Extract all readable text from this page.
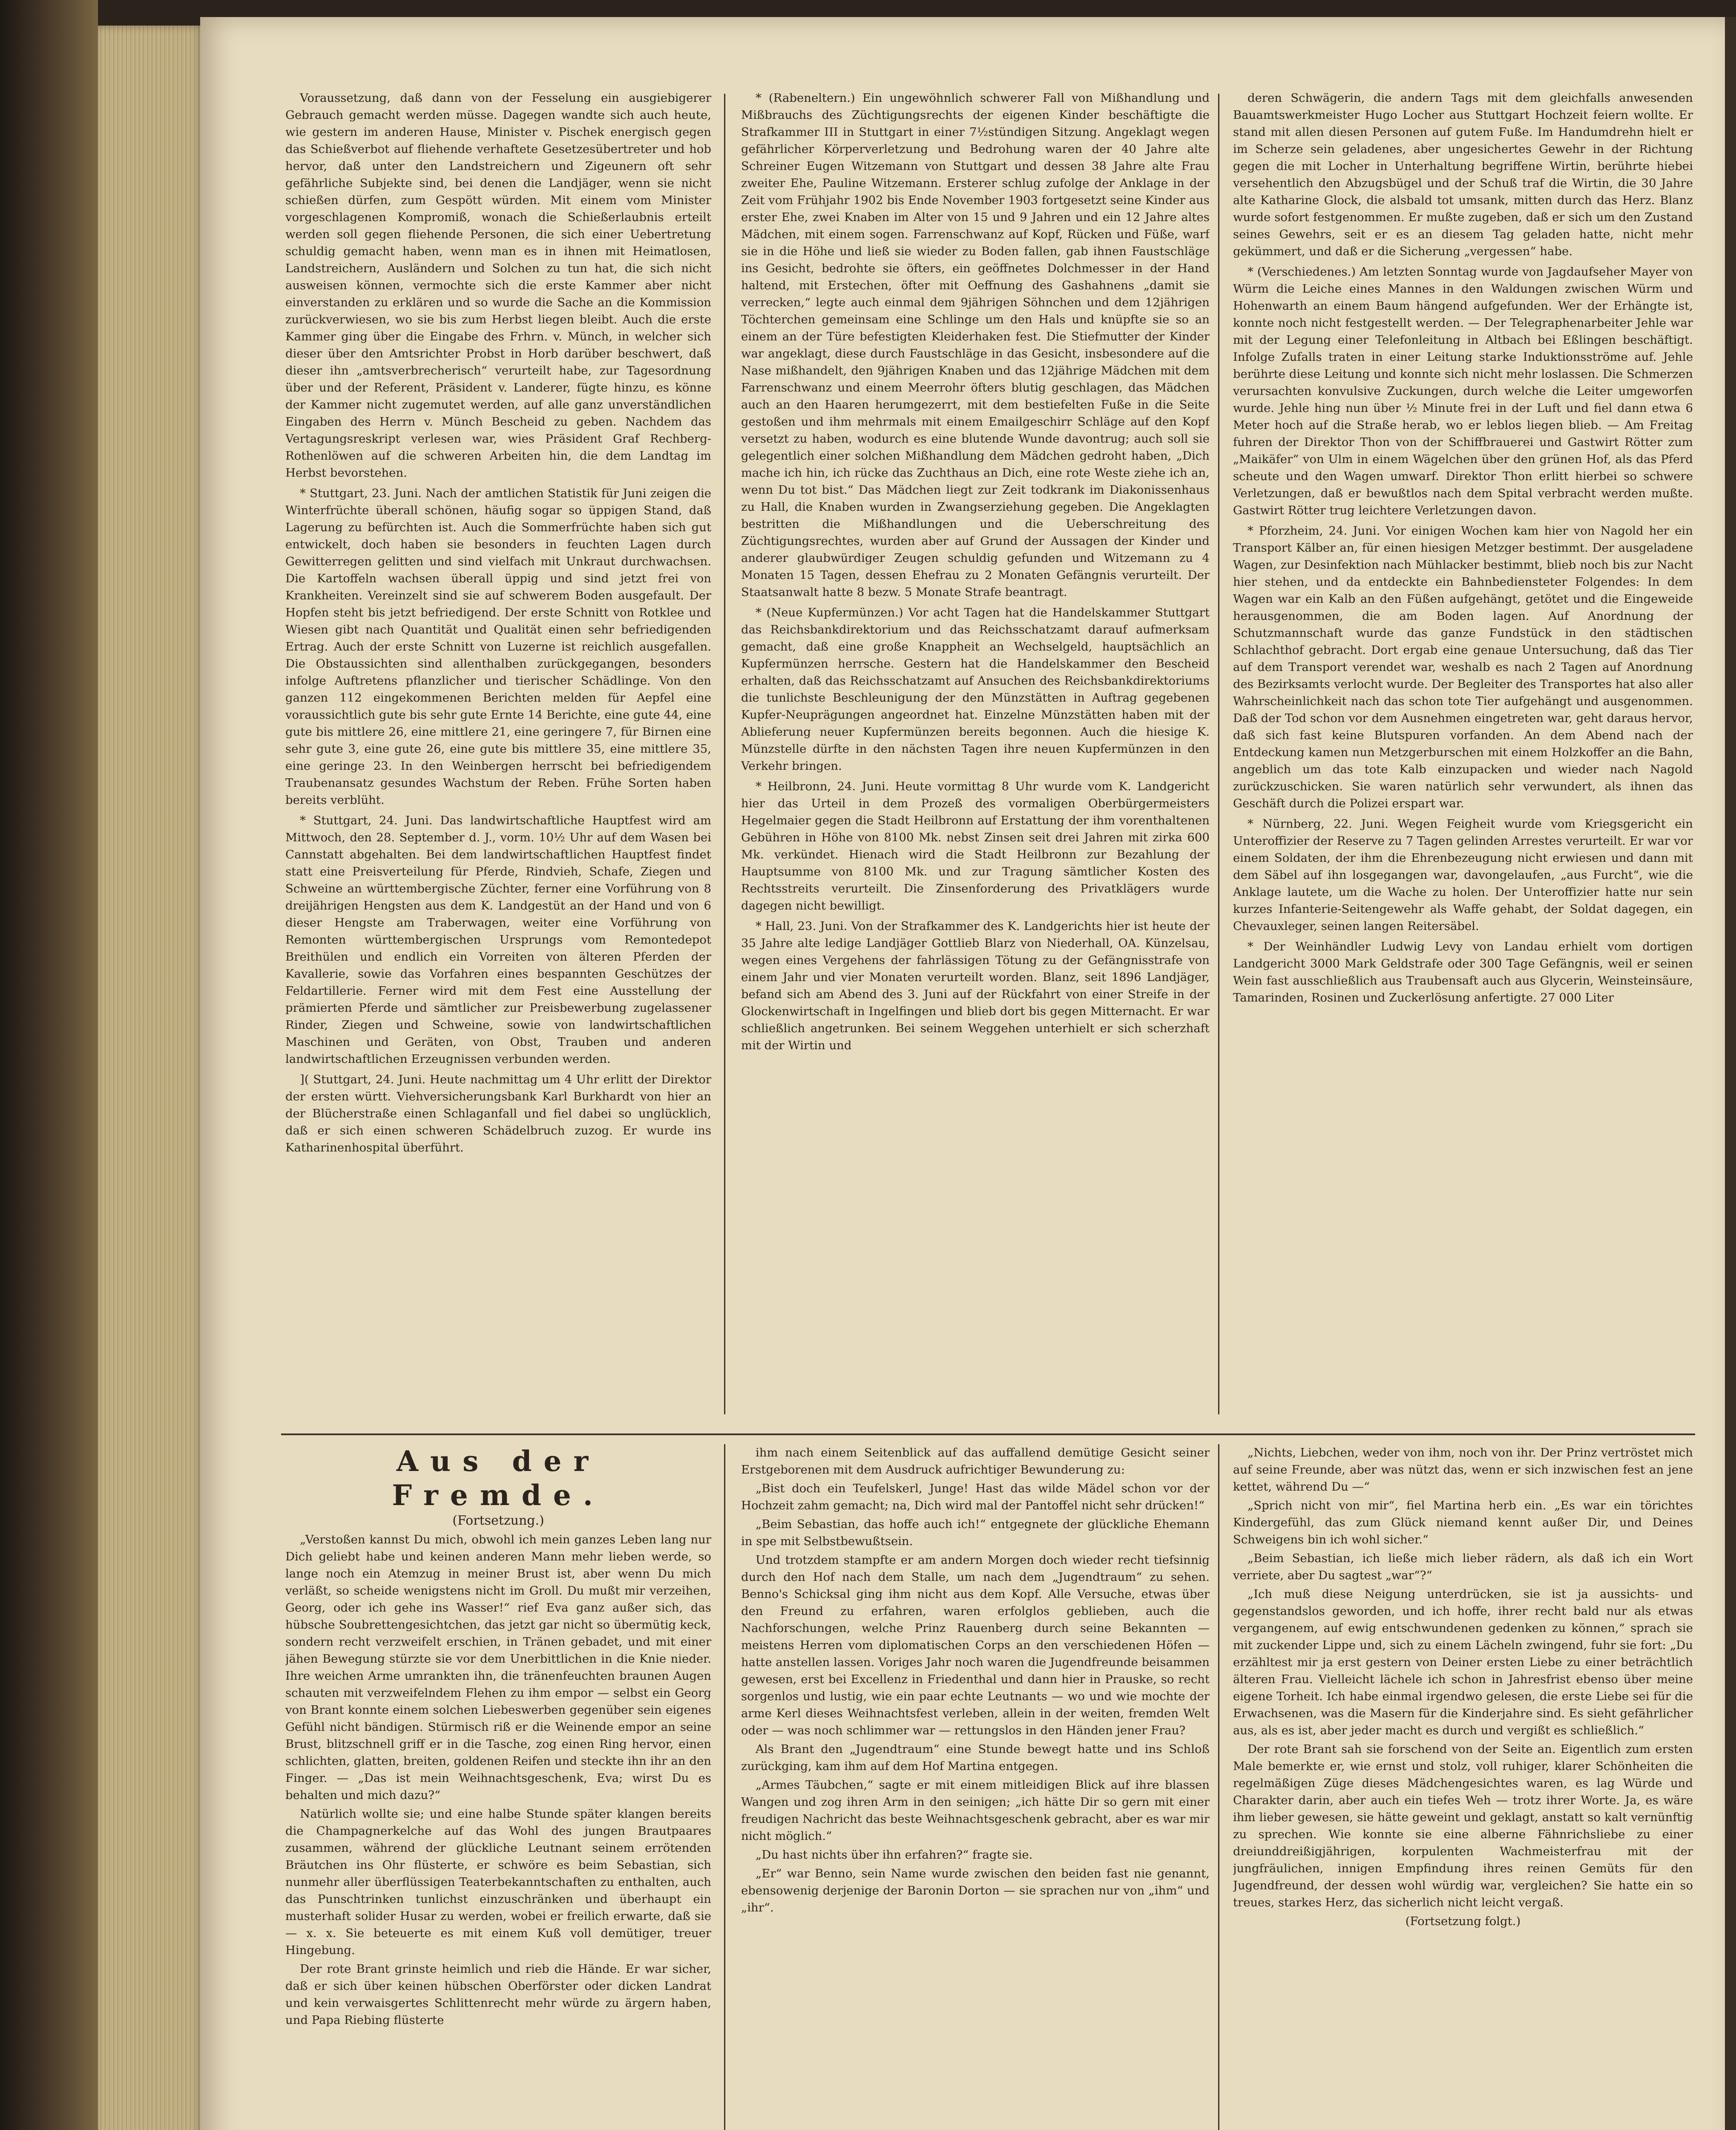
Voraussetzung, daß dann von der Fesselung ein ausgiebigerer Gebrauch gemacht werden müsse. Dagegen wandte sich auch heute, wie gestern im anderen Hause, Minister v. Pischek energisch gegen das Schießverbot auf fliehende verhaftete Gesetzesübertreter und hob hervor, daß unter den Landstreichern und Zigeunern oft sehr gefährliche Subjekte sind, bei denen die Landjäger, wenn sie nicht schießen dürfen, zum Gespött würden. Mit einem vom Minister vorgeschlagenen Kompromiß, wonach die Schießerlaubnis erteilt werden soll gegen fliehende Personen, die sich einer Uebertretung schuldig gemacht haben, wenn man es in ihnen mit Heimatlosen, Landstreichern, Ausländern und Solchen zu tun hat, die sich nicht ausweisen können, vermochte sich die erste Kammer aber nicht einverstanden zu erklären und so wurde die Sache an die Kommission zurückverwiesen, wo sie bis zum Herbst liegen bleibt. Auch die erste Kammer ging über die Eingabe des Frhrn. v. Münch, in welcher sich dieser über den Amtsrichter Probst in Horb darüber beschwert, daß dieser ihn „amtsverbrecherisch“ verurteilt habe, zur Tagesordnung über und der Referent, Präsident v. Landerer, fügte hinzu, es könne der Kammer nicht zugemutet werden, auf alle ganz unverständlichen Eingaben des Herrn v. Münch Bescheid zu geben. Nachdem das Vertagungsreskript verlesen war, wies Präsident Graf Rechberg-Rothenlöwen auf die schweren Arbeiten hin, die dem Landtag im Herbst bevorstehen.

* Stuttgart, 23. Juni. Nach der amtlichen Statistik für Juni zeigen die Winterfrüchte überall schönen, häufig sogar so üppigen Stand, daß Lagerung zu befürchten ist. Auch die Sommerfrüchte haben sich gut entwickelt, doch haben sie besonders in feuchten Lagen durch Gewitterregen gelitten und sind vielfach mit Unkraut durchwachsen. Die Kartoffeln wachsen überall üppig und sind jetzt frei von Krankheiten. Vereinzelt sind sie auf schwerem Boden ausgefault. Der Hopfen steht bis jetzt befriedigend. Der erste Schnitt von Rotklee und Wiesen gibt nach Quantität und Qualität einen sehr befriedigenden Ertrag. Auch der erste Schnitt von Luzerne ist reichlich ausgefallen. Die Obstaussichten sind allenthalben zurückgegangen, besonders infolge Auftretens pflanzlicher und tierischer Schädlinge. Von den ganzen 112 eingekommenen Berichten melden für Aepfel eine voraussichtlich gute bis sehr gute Ernte 14 Berichte, eine gute 44, eine gute bis mittlere 26, eine mittlere 21, eine geringere 7, für Birnen eine sehr gute 3, eine gute 26, eine gute bis mittlere 35, eine mittlere 35, eine geringe 23. In den Weinbergen herrscht bei befriedigendem Traubenansatz gesundes Wachstum der Reben. Frühe Sorten haben bereits verblüht.

* Stuttgart, 24. Juni. Das landwirtschaftliche Hauptfest wird am Mittwoch, den 28. September d. J., vorm. 10½ Uhr auf dem Wasen bei Cannstatt abgehalten. Bei dem landwirtschaftlichen Hauptfest findet statt eine Preisverteilung für Pferde, Rindvieh, Schafe, Ziegen und Schweine an württembergische Züchter, ferner eine Vorführung von 8 dreijährigen Hengsten aus dem K. Landgestüt an der Hand und von 6 dieser Hengste am Traberwagen, weiter eine Vorführung von Remonten württembergischen Ursprungs vom Remontedepot Breithülen und endlich ein Vorreiten von älteren Pferden der Kavallerie, sowie das Vorfahren eines bespannten Geschützes der Feldartillerie. Ferner wird mit dem Fest eine Ausstellung der prämierten Pferde und sämtlicher zur Preisbewerbung zugelassener Rinder, Ziegen und Schweine, sowie von landwirtschaftlichen Maschinen und Geräten, von Obst, Trauben und anderen landwirtschaftlichen Erzeugnissen verbunden werden.

]( Stuttgart, 24. Juni. Heute nachmittag um 4 Uhr erlitt der Direktor der ersten württ. Viehversicherungsbank Karl Burkhardt von hier an der Blücherstraße einen Schlaganfall und fiel dabei so unglücklich, daß er sich einen schweren Schädelbruch zuzog. Er wurde ins Katharinenhospital überführt.

* (Rabeneltern.) Ein ungewöhnlich schwerer Fall von Mißhandlung und Mißbrauchs des Züchtigungsrechts der eigenen Kinder beschäftigte die Strafkammer III in Stuttgart in einer 7½stündigen Sitzung. Angeklagt wegen gefährlicher Körperverletzung und Bedrohung waren der 40 Jahre alte Schreiner Eugen Witzemann von Stuttgart und dessen 38 Jahre alte Frau zweiter Ehe, Pauline Witzemann. Ersterer schlug zufolge der Anklage in der Zeit vom Frühjahr 1902 bis Ende November 1903 fortgesetzt seine Kinder aus erster Ehe, zwei Knaben im Alter von 15 und 9 Jahren und ein 12 Jahre altes Mädchen, mit einem sogen. Farrenschwanz auf Kopf, Rücken und Füße, warf sie in die Höhe und ließ sie wieder zu Boden fallen, gab ihnen Faustschläge ins Gesicht, bedrohte sie öfters, ein geöffnetes Dolchmesser in der Hand haltend, mit Erstechen, öfter mit Oeffnung des Gashahnens „damit sie verrecken,“ legte auch einmal dem 9jährigen Söhnchen und dem 12jährigen Töchterchen gemeinsam eine Schlinge um den Hals und knüpfte sie so an einem an der Türe befestigten Kleiderhaken fest. Die Stiefmutter der Kinder war angeklagt, diese durch Faustschläge in das Gesicht, insbesondere auf die Nase mißhandelt, den 9jährigen Knaben und das 12jährige Mädchen mit dem Farrenschwanz und einem Meerrohr öfters blutig geschlagen, das Mädchen auch an den Haaren herumgezerrt, mit dem bestiefelten Fuße in die Seite gestoßen und ihm mehrmals mit einem Emailgeschirr Schläge auf den Kopf versetzt zu haben, wodurch es eine blutende Wunde davontrug; auch soll sie gelegentlich einer solchen Mißhandlung dem Mädchen gedroht haben, „Dich mache ich hin, ich rücke das Zuchthaus an Dich, eine rote Weste ziehe ich an, wenn Du tot bist.“ Das Mädchen liegt zur Zeit todkrank im Diakonissenhaus zu Hall, die Knaben wurden in Zwangserziehung gegeben. Die Angeklagten bestritten die Mißhandlungen und die Ueberschreitung des Züchtigungsrechtes, wurden aber auf Grund der Aussagen der Kinder und anderer glaubwürdiger Zeugen schuldig gefunden und Witzemann zu 4 Monaten 15 Tagen, dessen Ehefrau zu 2 Monaten Gefängnis verurteilt. Der Staatsanwalt hatte 8 bezw. 5 Monate Strafe beantragt.

* (Neue Kupfermünzen.) Vor acht Tagen hat die Handelskammer Stuttgart das Reichsbankdirektorium und das Reichsschatzamt darauf aufmerksam gemacht, daß eine große Knappheit an Wechselgeld, hauptsächlich an Kupfermünzen herrsche. Gestern hat die Handelskammer den Bescheid erhalten, daß das Reichsschatzamt auf Ansuchen des Reichsbankdirektoriums die tunlichste Beschleunigung der den Münzstätten in Auftrag gegebenen Kupfer-Neuprägungen angeordnet hat. Einzelne Münzstätten haben mit der Ablieferung neuer Kupfermünzen bereits begonnen. Auch die hiesige K. Münzstelle dürfte in den nächsten Tagen ihre neuen Kupfermünzen in den Verkehr bringen.

* Heilbronn, 24. Juni. Heute vormittag 8 Uhr wurde vom K. Landgericht hier das Urteil in dem Prozeß des vormaligen Oberbürgermeisters Hegelmaier gegen die Stadt Heilbronn auf Erstattung der ihm vorenthaltenen Gebühren in Höhe von 8100 Mk. nebst Zinsen seit drei Jahren mit zirka 600 Mk. verkündet. Hienach wird die Stadt Heilbronn zur Bezahlung der Hauptsumme von 8100 Mk. und zur Tragung sämtlicher Kosten des Rechtsstreits verurteilt. Die Zinsenforderung des Privatklägers wurde dagegen nicht bewilligt.

* Hall, 23. Juni. Von der Strafkammer des K. Landgerichts hier ist heute der 35 Jahre alte ledige Landjäger Gottlieb Blarz von Niederhall, OA. Künzelsau, wegen eines Vergehens der fahrlässigen Tötung zu der Gefängnisstrafe von einem Jahr und vier Monaten verurteilt worden. Blanz, seit 1896 Landjäger, befand sich am Abend des 3. Juni auf der Rückfahrt von einer Streife in der Glockenwirtschaft in Ingelfingen und blieb dort bis gegen Mitternacht. Er war schließlich angetrunken. Bei seinem Weggehen unterhielt er sich scherzhaft mit der Wirtin und

deren Schwägerin, die andern Tags mit dem gleichfalls anwesenden Bauamtswerkmeister Hugo Locher aus Stuttgart Hochzeit feiern wollte. Er stand mit allen diesen Personen auf gutem Fuße. Im Handumdrehn hielt er im Scherze sein geladenes, aber ungesichertes Gewehr in der Richtung gegen die mit Locher in Unterhaltung begriffene Wirtin, berührte hiebei versehentlich den Abzugsbügel und der Schuß traf die Wirtin, die 30 Jahre alte Katharine Glock, die alsbald tot umsank, mitten durch das Herz. Blanz wurde sofort festgenommen. Er mußte zugeben, daß er sich um den Zustand seines Gewehrs, seit er es an diesem Tag geladen hatte, nicht mehr gekümmert, und daß er die Sicherung „vergessen“ habe.

* (Verschiedenes.) Am letzten Sonntag wurde von Jagdaufseher Mayer von Würm die Leiche eines Mannes in den Waldungen zwischen Würm und Hohenwarth an einem Baum hängend aufgefunden. Wer der Erhängte ist, konnte noch nicht festgestellt werden. — Der Telegraphenarbeiter Jehle war mit der Legung einer Telefonleitung in Altbach bei Eßlingen beschäftigt. Infolge Zufalls traten in einer Leitung starke Induktionsströme auf. Jehle berührte diese Leitung und konnte sich nicht mehr loslassen. Die Schmerzen verursachten konvulsive Zuckungen, durch welche die Leiter umgeworfen wurde. Jehle hing nun über ½ Minute frei in der Luft und fiel dann etwa 6 Meter hoch auf die Straße herab, wo er leblos liegen blieb. — Am Freitag fuhren der Direktor Thon von der Schiffbrauerei und Gastwirt Rötter zum „Maikäfer“ von Ulm in einem Wägelchen über den grünen Hof, als das Pferd scheute und den Wagen umwarf. Direktor Thon erlitt hierbei so schwere Verletzungen, daß er bewußtlos nach dem Spital verbracht werden mußte. Gastwirt Rötter trug leichtere Verletzungen davon.

* Pforzheim, 24. Juni. Vor einigen Wochen kam hier von Nagold her ein Transport Kälber an, für einen hiesigen Metzger bestimmt. Der ausgeladene Wagen, zur Desinfektion nach Mühlacker bestimmt, blieb noch bis zur Nacht hier stehen, und da entdeckte ein Bahnbediensteter Folgendes: In dem Wagen war ein Kalb an den Füßen aufgehängt, getötet und die Eingeweide herausgenommen, die am Boden lagen. Auf Anordnung der Schutzmannschaft wurde das ganze Fundstück in den städtischen Schlachthof gebracht. Dort ergab eine genaue Untersuchung, daß das Tier auf dem Transport verendet war, weshalb es nach 2 Tagen auf Anordnung des Bezirksamts verlocht wurde. Der Begleiter des Transportes hat also aller Wahrscheinlichkeit nach das schon tote Tier aufgehängt und ausgenommen. Daß der Tod schon vor dem Ausnehmen eingetreten war, geht daraus hervor, daß sich fast keine Blutspuren vorfanden. An dem Abend nach der Entdeckung kamen nun Metzgerburschen mit einem Holzkoffer an die Bahn, angeblich um das tote Kalb einzupacken und wieder nach Nagold zurückzuschicken. Sie waren natürlich sehr verwundert, als ihnen das Geschäft durch die Polizei erspart war.

* Nürnberg, 22. Juni. Wegen Feigheit wurde vom Kriegsgericht ein Unteroffizier der Reserve zu 7 Tagen gelinden Arrestes verurteilt. Er war vor einem Soldaten, der ihm die Ehrenbezeugung nicht erwiesen und dann mit dem Säbel auf ihn losgegangen war, davongelaufen, „aus Furcht“, wie die Anklage lautete, um die Wache zu holen. Der Unteroffizier hatte nur sein kurzes Infanterie-Seitengewehr als Waffe gehabt, der Soldat dagegen, ein Chevauxleger, seinen langen Reitersäbel.

* Der Weinhändler Ludwig Levy von Landau erhielt vom dortigen Landgericht 3000 Mark Geldstrafe oder 300 Tage Gefängnis, weil er seinen Wein fast ausschließlich aus Traubensaft auch aus Glycerin, Weinsteinsäure, Tamarinden, Rosinen und Zuckerlösung anfertigte. 27 000 Liter

Aus der Fremde.

(Fortsetzung.)

„Verstoßen kannst Du mich, obwohl ich mein ganzes Leben lang nur Dich geliebt habe und keinen anderen Mann mehr lieben werde, so lange noch ein Atemzug in meiner Brust ist, aber wenn Du mich verläßt, so scheide wenigstens nicht im Groll. Du mußt mir verzeihen, Georg, oder ich gehe ins Wasser!“ rief Eva ganz außer sich, das hübsche Soubrettengesichtchen, das jetzt gar nicht so übermütig keck, sondern recht verzweifelt erschien, in Tränen gebadet, und mit einer jähen Bewegung stürzte sie vor dem Unerbittlichen in die Knie nieder. Ihre weichen Arme umrankten ihn, die tränenfeuchten braunen Augen schauten mit verzweifelndem Flehen zu ihm empor — selbst ein Georg von Brant konnte einem solchen Liebeswerben gegenüber sein eigenes Gefühl nicht bändigen. Stürmisch riß er die Weinende empor an seine Brust, blitzschnell griff er in die Tasche, zog einen Ring hervor, einen schlichten, glatten, breiten, goldenen Reifen und steckte ihn ihr an den Finger. — „Das ist mein Weihnachtsgeschenk, Eva; wirst Du es behalten und mich dazu?“

Natürlich wollte sie; und eine halbe Stunde später klangen bereits die Champagnerkelche auf das Wohl des jungen Brautpaares zusammen, während der glückliche Leutnant seinem errötenden Bräutchen ins Ohr flüsterte, er schwöre es beim Sebastian, sich nunmehr aller überflüssigen Teaterbekanntschaften zu enthalten, auch das Punschtrinken tunlichst einzuschränken und überhaupt ein musterhaft solider Husar zu werden, wobei er freilich erwarte, daß sie — x. x. Sie beteuerte es mit einem Kuß voll demütiger, treuer Hingebung.

Der rote Brant grinste heimlich und rieb die Hände. Er war sicher, daß er sich über keinen hübschen Oberförster oder dicken Landrat und kein verwaisgertes Schlittenrecht mehr würde zu ärgern haben, und Papa Riebing flüsterte

ihm nach einem Seitenblick auf das auffallend demütige Gesicht seiner Erstgeborenen mit dem Ausdruck aufrichtiger Bewunderung zu:

„Bist doch ein Teufelskerl, Junge! Hast das wilde Mädel schon vor der Hochzeit zahm gemacht; na, Dich wird mal der Pantoffel nicht sehr drücken!“

„Beim Sebastian, das hoffe auch ich!“ entgegnete der glückliche Ehemann in spe mit Selbstbewußtsein.

Und trotzdem stampfte er am andern Morgen doch wieder recht tiefsinnig durch den Hof nach dem Stalle, um nach dem „Jugendtraum“ zu sehen. Benno's Schicksal ging ihm nicht aus dem Kopf. Alle Versuche, etwas über den Freund zu erfahren, waren erfolglos geblieben, auch die Nachforschungen, welche Prinz Rauenberg durch seine Bekannten — meistens Herren vom diplomatischen Corps an den verschiedenen Höfen — hatte anstellen lassen. Voriges Jahr noch waren die Jugendfreunde beisammen gewesen, erst bei Excellenz in Friedenthal und dann hier in Prauske, so recht sorgenlos und lustig, wie ein paar echte Leutnants — wo und wie mochte der arme Kerl dieses Weihnachtsfest verleben, allein in der weiten, fremden Welt oder — was noch schlimmer war — rettungslos in den Händen jener Frau?

Als Brant den „Jugendtraum“ eine Stunde bewegt hatte und ins Schloß zurückging, kam ihm auf dem Hof Martina entgegen.

„Armes Täubchen,“ sagte er mit einem mitleidigen Blick auf ihre blassen Wangen und zog ihren Arm in den seinigen; „ich hätte Dir so gern mit einer freudigen Nachricht das beste Weihnachtsgeschenk gebracht, aber es war mir nicht möglich.“

„Du hast nichts über ihn erfahren?“ fragte sie.

„Er“ war Benno, sein Name wurde zwischen den beiden fast nie genannt, ebensowenig derjenige der Baronin Dorton — sie sprachen nur von „ihm“ und „ihr“.

„Nichts, Liebchen, weder von ihm, noch von ihr. Der Prinz vertröstet mich auf seine Freunde, aber was nützt das, wenn er sich inzwischen fest an jene kettet, während Du —“

„Sprich nicht von mir“, fiel Martina herb ein. „Es war ein törichtes Kindergefühl, das zum Glück niemand kennt außer Dir, und Deines Schweigens bin ich wohl sicher.“

„Beim Sebastian, ich ließe mich lieber rädern, als daß ich ein Wort verriete, aber Du sagtest „war“?“

„Ich muß diese Neigung unterdrücken, sie ist ja aussichts- und gegenstandslos geworden, und ich hoffe, ihrer recht bald nur als etwas vergangenem, auf ewig entschwundenen gedenken zu können,“ sprach sie mit zuckender Lippe und, sich zu einem Lächeln zwingend, fuhr sie fort: „Du erzähltest mir ja erst gestern von Deiner ersten Liebe zu einer beträchtlich älteren Frau. Vielleicht lächele ich schon in Jahresfrist ebenso über meine eigene Torheit. Ich habe einmal irgendwo gelesen, die erste Liebe sei für die Erwachsenen, was die Masern für die Kinderjahre sind. Es sieht gefährlicher aus, als es ist, aber jeder macht es durch und vergißt es schließlich.“

Der rote Brant sah sie forschend von der Seite an. Eigentlich zum ersten Male bemerkte er, wie ernst und stolz, voll ruhiger, klarer Schönheiten die regelmäßigen Züge dieses Mädchengesichtes waren, es lag Würde und Charakter darin, aber auch ein tiefes Weh — trotz ihrer Worte. Ja, es wäre ihm lieber gewesen, sie hätte geweint und geklagt, anstatt so kalt vernünftig zu sprechen. Wie konnte sie eine alberne Fähnrichsliebe zu einer dreiunddreißigjährigen, korpulenten Wachmeisterfrau mit der jungfräulichen, innigen Empfindung ihres reinen Gemüts für den Jugendfreund, der dessen wohl würdig war, vergleichen? Sie hatte ein so treues, starkes Herz, das sicherlich nicht leicht vergaß.

(Fortsetzung folgt.)
